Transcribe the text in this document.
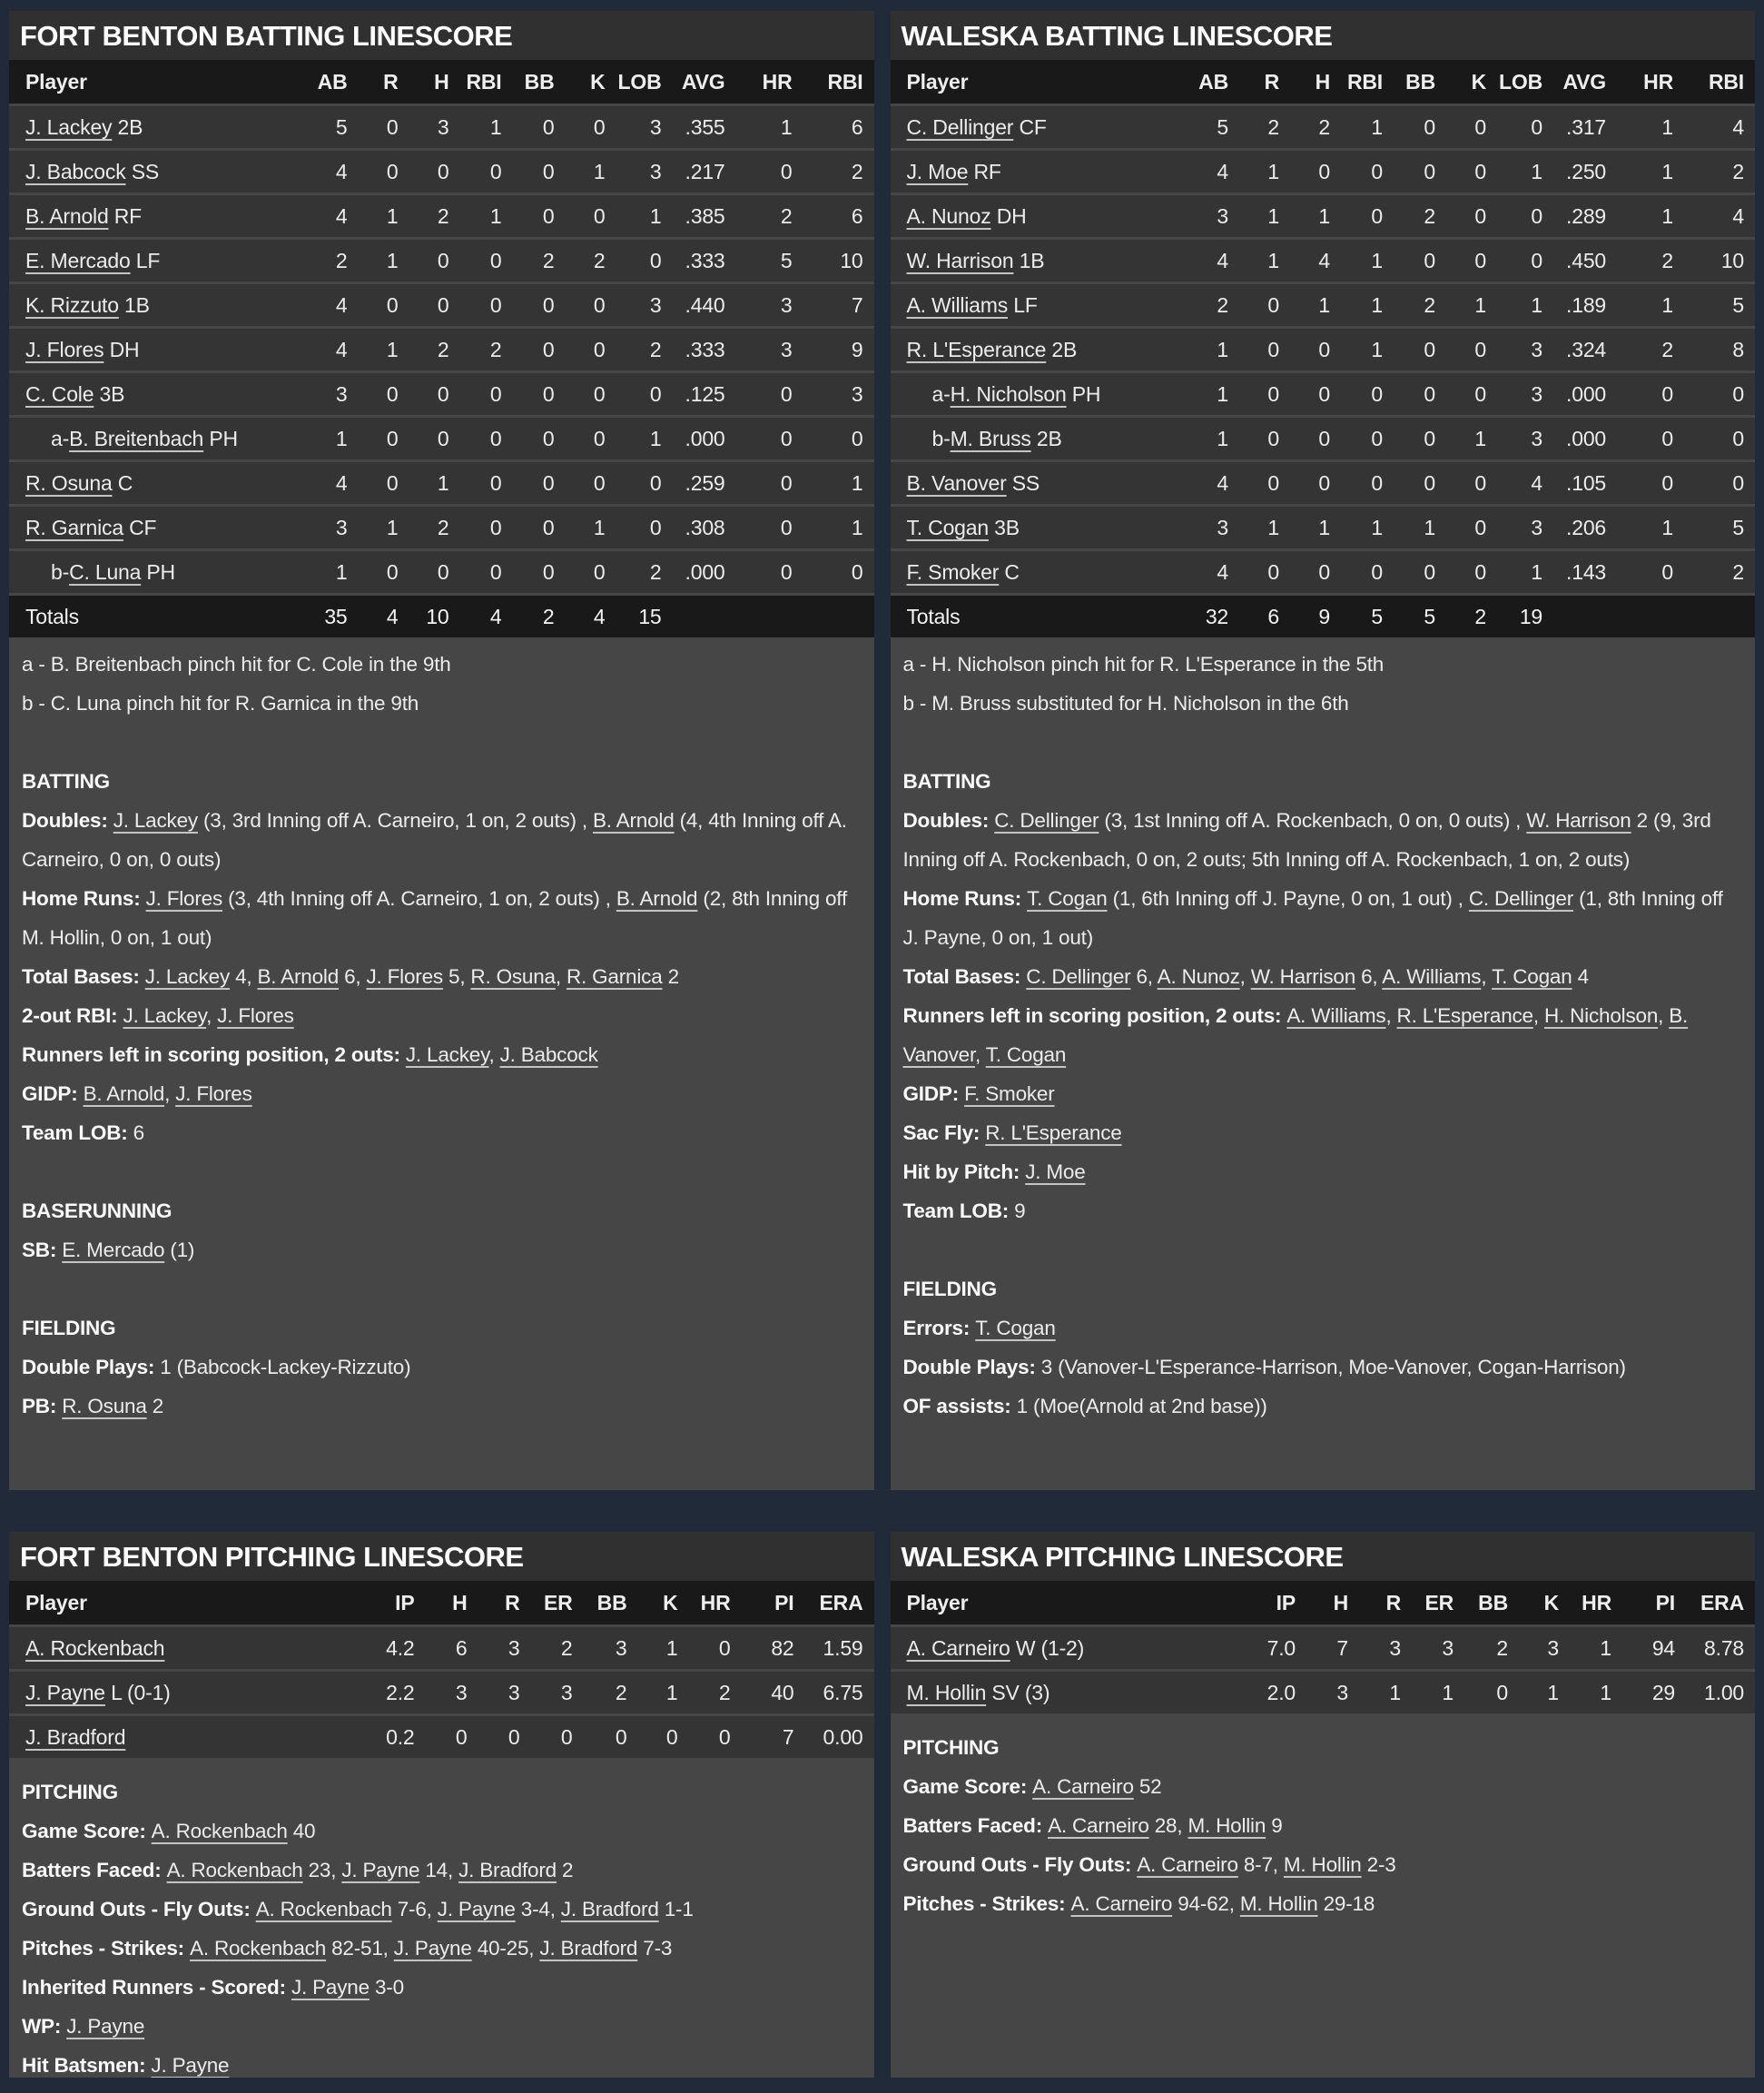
FORT BENTON BATTING LINESCORE
Player	AB	R	H	RBI	BB	K	LOB	AVG	HR	RBI
J. Lackey 2B	5	0	3	1	0	0	3	.355	1	6
J. Babcock SS	4	0	0	0	0	1	3	.217	0	2
B. Arnold RF	4	1	2	1	0	0	1	.385	2	6
E. Mercado LF	2	1	0	0	2	2	0	.333	5	10
K. Rizzuto 1B	4	0	0	0	0	0	3	.440	3	7
J. Flores DH	4	1	2	2	0	0	2	.333	3	9
C. Cole 3B	3	0	0	0	0	0	0	.125	0	3
a-B. Breitenbach PH	1	0	0	0	0	0	1	.000	0	0
R. Osuna C	4	0	1	0	0	0	0	.259	0	1
R. Garnica CF	3	1	2	0	0	1	0	.308	0	1
b-C. Luna PH	1	0	0	0	0	0	2	.000	0	0
Totals	35	4	10	4	2	4	15			
a - B. Breitenbach pinch hit for C. Cole in the 9th
b - C. Luna pinch hit for R. Garnica in the 9th
BATTING
Doubles: J. Lackey (3, 3rd Inning off A. Carneiro, 1 on, 2 outs) , B. Arnold (4, 4th Inning off A. Carneiro, 0 on, 0 outs)
Home Runs: J. Flores (3, 4th Inning off A. Carneiro, 1 on, 2 outs) , B. Arnold (2, 8th Inning off M. Hollin, 0 on, 1 out)
Total Bases: J. Lackey 4, B. Arnold 6, J. Flores 5, R. Osuna, R. Garnica 2
2-out RBI: J. Lackey, J. Flores
Runners left in scoring position, 2 outs: J. Lackey, J. Babcock
GIDP: B. Arnold, J. Flores
Team LOB: 6
BASERUNNING
SB: E. Mercado (1)
FIELDING
Double Plays: 1 (Babcock-Lackey-Rizzuto)
PB: R. Osuna 2
WALESKA BATTING LINESCORE
Player	AB	R	H	RBI	BB	K	LOB	AVG	HR	RBI
C. Dellinger CF	5	2	2	1	0	0	0	.317	1	4
J. Moe RF	4	1	0	0	0	0	1	.250	1	2
A. Nunoz DH	3	1	1	0	2	0	0	.289	1	4
W. Harrison 1B	4	1	4	1	0	0	0	.450	2	10
A. Williams LF	2	0	1	1	2	1	1	.189	1	5
R. L'Esperance 2B	1	0	0	1	0	0	3	.324	2	8
a-H. Nicholson PH	1	0	0	0	0	0	3	.000	0	0
b-M. Bruss 2B	1	0	0	0	0	1	3	.000	0	0
B. Vanover SS	4	0	0	0	0	0	4	.105	0	0
T. Cogan 3B	3	1	1	1	1	0	3	.206	1	5
F. Smoker C	4	0	0	0	0	0	1	.143	0	2
Totals	32	6	9	5	5	2	19			
a - H. Nicholson pinch hit for R. L'Esperance in the 5th
b - M. Bruss substituted for H. Nicholson in the 6th
BATTING
Doubles: C. Dellinger (3, 1st Inning off A. Rockenbach, 0 on, 0 outs) , W. Harrison 2 (9, 3rd Inning off A. Rockenbach, 0 on, 2 outs; 5th Inning off A. Rockenbach, 1 on, 2 outs)
Home Runs: T. Cogan (1, 6th Inning off J. Payne, 0 on, 1 out) , C. Dellinger (1, 8th Inning off J. Payne, 0 on, 1 out)
Total Bases: C. Dellinger 6, A. Nunoz, W. Harrison 6, A. Williams, T. Cogan 4
Runners left in scoring position, 2 outs: A. Williams, R. L'Esperance, H. Nicholson, B. Vanover, T. Cogan
GIDP: F. Smoker
Sac Fly: R. L'Esperance
Hit by Pitch: J. Moe
Team LOB: 9
FIELDING
Errors: T. Cogan
Double Plays: 3 (Vanover-L'Esperance-Harrison, Moe-Vanover, Cogan-Harrison)
OF assists: 1 (Moe(Arnold at 2nd base))
FORT BENTON PITCHING LINESCORE
Player	IP	H	R	ER	BB	K	HR	PI	ERA
A. Rockenbach	4.2	6	3	2	3	1	0	82	1.59
J. Payne L (0-1)	2.2	3	3	3	2	1	2	40	6.75
J. Bradford	0.2	0	0	0	0	0	0	7	0.00
PITCHING
Game Score: A. Rockenbach 40
Batters Faced: A. Rockenbach 23, J. Payne 14, J. Bradford 2
Ground Outs - Fly Outs: A. Rockenbach 7-6, J. Payne 3-4, J. Bradford 1-1
Pitches - Strikes: A. Rockenbach 82-51, J. Payne 40-25, J. Bradford 7-3
Inherited Runners - Scored: J. Payne 3-0
WP: J. Payne
Hit Batsmen: J. Payne
WALESKA PITCHING LINESCORE
Player	IP	H	R	ER	BB	K	HR	PI	ERA
A. Carneiro W (1-2)	7.0	7	3	3	2	3	1	94	8.78
M. Hollin SV (3)	2.0	3	1	1	0	1	1	29	1.00
PITCHING
Game Score: A. Carneiro 52
Batters Faced: A. Carneiro 28, M. Hollin 9
Ground Outs - Fly Outs: A. Carneiro 8-7, M. Hollin 2-3
Pitches - Strikes: A. Carneiro 94-62, M. Hollin 29-18
